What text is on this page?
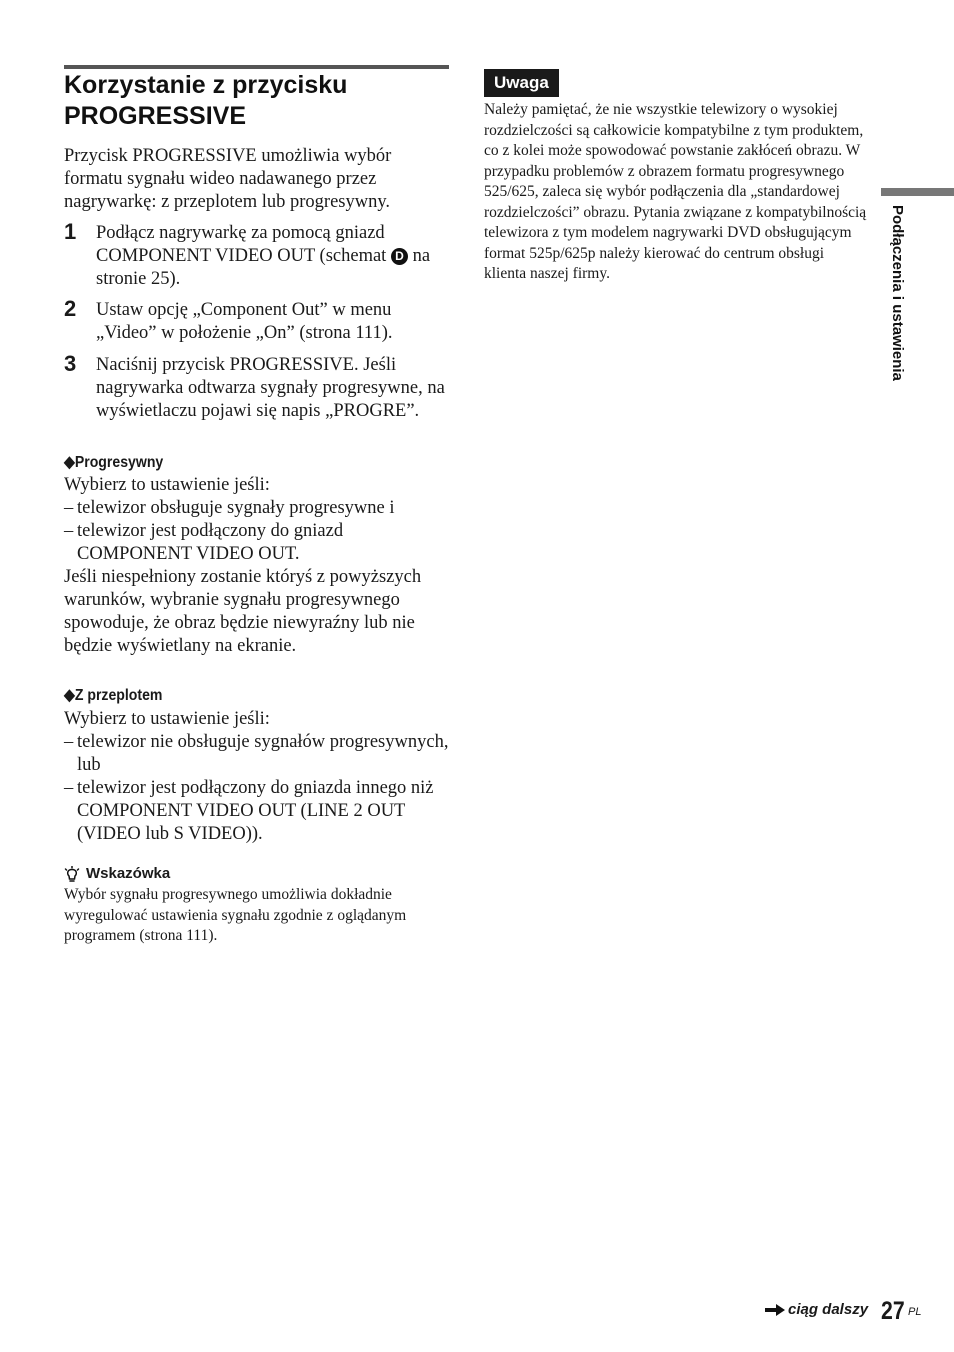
Korzystanie z przycisku
PROGRESSIVE
Przycisk PROGRESSIVE umożliwia wybór formatu sygnału wideo nadawanego przez nagrywarkę: z przeplotem lub progresywny.
1 Podłącz nagrywarkę za pomocą gniazd COMPONENT VIDEO OUT (schemat D na stronie 25).
2 Ustaw opcję „Component Out” w menu „Video” w położenie „On” (strona 111).
3 Naciśnij przycisk PROGRESSIVE. Jeśli nagrywarka odtwarza sygnały progresywne, na wyświetlaczu pojawi się napis „PROGRE”.
◆Progresywny
Wybierz to ustawienie jeśli:
– telewizor obsługuje sygnały progresywne i
– telewizor jest podłączony do gniazd COMPONENT VIDEO OUT.
Jeśli niespełniony zostanie któryś z powyższych warunków, wybranie sygnału progresywnego spowoduje, że obraz będzie niewyraźny lub nie będzie wyświetlany na ekranie.
◆Z przeplotem
Wybierz to ustawienie jeśli:
– telewizor nie obsługuje sygnałów progresywnych, lub
– telewizor jest podłączony do gniazda innego niż COMPONENT VIDEO OUT (LINE 2 OUT (VIDEO lub S VIDEO)).
Wskazówka
Wybór sygnału progresywnego umożliwia dokładnie wyregulować ustawienia sygnału zgodnie z oglądanym programem (strona 111).
Uwaga
Należy pamiętać, że nie wszystkie telewizory o wysokiej rozdzielczości są całkowicie kompatybilne z tym produktem, co z kolei może spowodować powstanie zakłóceń obrazu. W przypadku problemów z obrazem formatu progresywnego 525/625, zaleca się wybór podłączenia dla „standardowej rozdzielczości” obrazu. Pytania związane z kompatybilnością telewizora z tym modelem nagrywarki DVD obsługującym format 525p/625p należy kierować do centrum obsługi klienta naszej firmy.	Podłączenia i ustawienia
ciąg dalszy 27 PL
